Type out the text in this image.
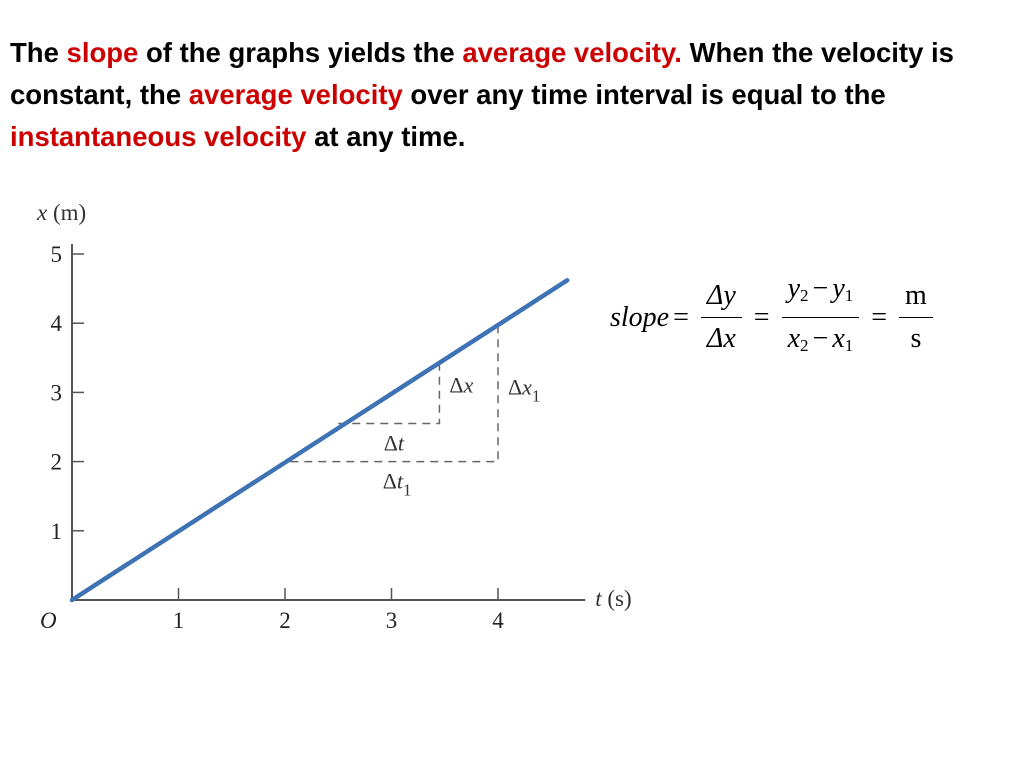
The slope of the graphs yields the average velocity. When the velocity is constant, the average velocity over any time interval is equal to the instantaneous velocity at any time.

x (m)
t (s)
O
1
2
3
4
5
1	2	3	4
Δx
Δt
$\Delta x_1$
$\Delta t_1$
slope = $\frac{\Delta y}{\Delta x} = \frac{y_2 - y_1}{x_2 - x_1} = \frac{m}{s}$
